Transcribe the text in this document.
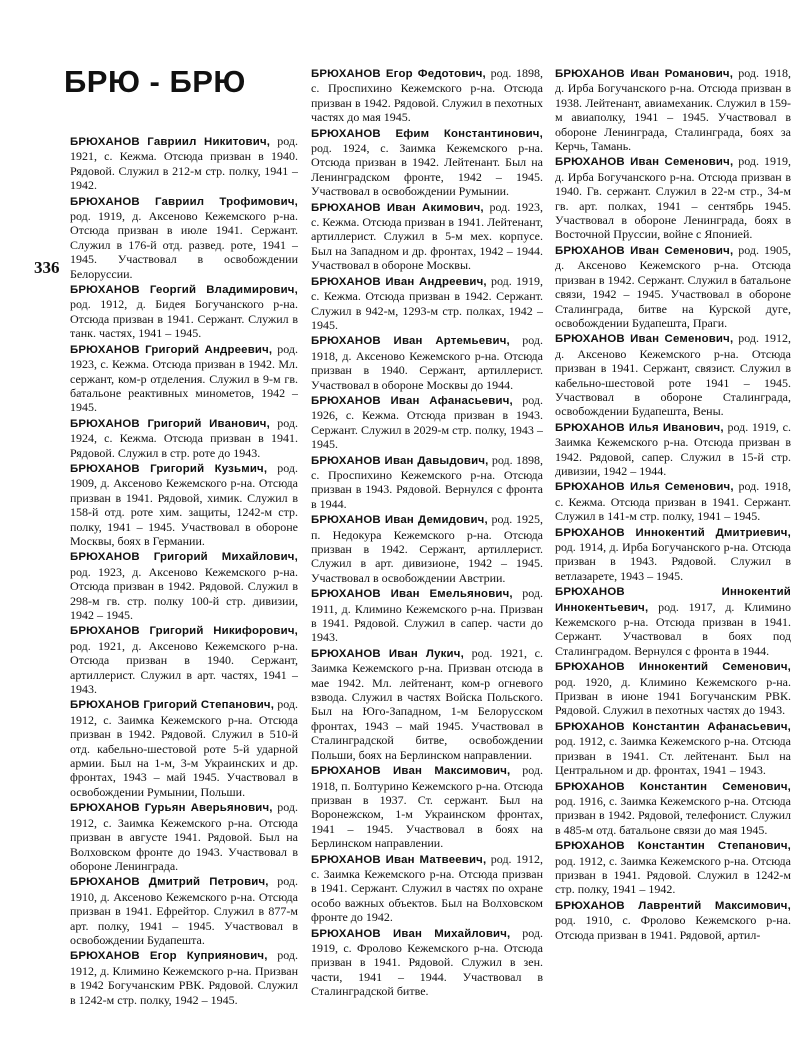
БРЮ - БРЮ
336

БРЮХАНОВ Гавриил Никитович, род. 1921, с. Кежма. Отсюда призван в 1940. Рядовой. Служил в 212-м стр. полку, 1941 – 1942.

БРЮХАНОВ Гавриил Трофимович, род. 1919, д. Аксеново Кежемского р-на. Отсюда призван в июле 1941. Сержант. Служил в 176-й отд. развед. роте, 1941 – 1945. Участвовал в освобождении Белоруссии.

БРЮХАНОВ Георгий Владимирович, род. 1912, д. Бидея Богучанского р-на. Отсюда призван в 1941. Сержант. Служил в танк. частях, 1941 – 1945.

БРЮХАНОВ Григорий Андреевич, род. 1923, с. Кежма. Отсюда призван в 1942. Мл. сержант, ком-р отделения. Служил в 9-м гв. батальоне реактивных минометов, 1942 – 1945.

БРЮХАНОВ Григорий Иванович, род. 1924, с. Кежма. Отсюда призван в 1941. Рядовой. Служил в стр. роте до 1943.

БРЮХАНОВ Григорий Кузьмич, род. 1909, д. Аксеново Кежемского р-на. Отсюда призван в 1941. Рядовой, химик. Служил в 158-й отд. роте хим. защиты, 1242-м стр. полку, 1941 – 1945. Участвовал в обороне Москвы, боях в Германии.

БРЮХАНОВ Григорий Михайлович, род. 1923, д. Аксеново Кежемского р-на. Отсюда призван в 1942. Рядовой. Служил в 298-м гв. стр. полку 100-й стр. дивизии, 1942 – 1945.

БРЮХАНОВ Григорий Никифорович, род. 1921, д. Аксеново Кежемского р-на. Отсюда призван в 1940. Сержант, артиллерист. Служил в арт. частях, 1941 – 1943.

БРЮХАНОВ Григорий Степанович, род. 1912, с. Заимка Кежемского р-на. Отсюда призван в 1942. Рядовой. Служил в 510-й отд. кабельно-шестовой роте 5-й ударной армии. Был на 1-м, 3-м Украинских и др. фронтах, 1943 – май 1945. Участвовал в освобождении Румынии, Польши.

БРЮХАНОВ Гурьян Аверьянович, род. 1912, с. Заимка Кежемского р-на. Отсюда призван в августе 1941. Рядовой. Был на Волховском фронте до 1943. Участвовал в обороне Ленинграда.

БРЮХАНОВ Дмитрий Петрович, род. 1910, д. Аксеново Кежемского р-на. Отсюда призван в 1941. Ефрейтор. Служил в 877-м арт. полку, 1941 – 1945. Участвовал в освобождении Будапешта.

БРЮХАНОВ Егор Куприянович, род. 1912, д. Климино Кежемского р-на. Призван в 1942 Богучанским РВК. Рядовой. Служил в 1242-м стр. полку, 1942 – 1945.

БРЮХАНОВ Егор Федотович, род. 1898, с. Проспихино Кежемского р-на. Отсюда призван в 1942. Рядовой. Служил в пехотных частях до мая 1945.

БРЮХАНОВ Ефим Константинович, род. 1924, с. Заимка Кежемского р-на. Отсюда призван в 1942. Лейтенант. Был на Ленинградском фронте, 1942 – 1945. Участвовал в освобождении Румынии.

БРЮХАНОВ Иван Акимович, род. 1923, с. Кежма. Отсюда призван в 1941. Лейтенант, артиллерист. Служил в 5-м мех. корпусе. Был на Западном и др. фронтах, 1942 – 1944. Участвовал в обороне Москвы.

БРЮХАНОВ Иван Андреевич, род. 1919, с. Кежма. Отсюда призван в 1942. Сержант. Служил в 942-м, 1293-м стр. полках, 1942 – 1945.

БРЮХАНОВ Иван Артемьевич, род. 1918, д. Аксеново Кежемского р-на. Отсюда призван в 1940. Сержант, артиллерист. Участвовал в обороне Москвы до 1944.

БРЮХАНОВ Иван Афанасьевич, род. 1926, с. Кежма. Отсюда призван в 1943. Сержант. Служил в 2029-м стр. полку, 1943 – 1945.

БРЮХАНОВ Иван Давыдович, род. 1898, с. Проспихино Кежемского р-на. Отсюда призван в 1943. Рядовой. Вернулся с фронта в 1944.

БРЮХАНОВ Иван Демидович, род. 1925, п. Недокура Кежемского р-на. Отсюда призван в 1942. Сержант, артиллерист. Служил в арт. дивизионе, 1942 – 1945. Участвовал в освобождении Австрии.

БРЮХАНОВ Иван Емельянович, род. 1911, д. Климино Кежемского р-на. Призван в 1941. Рядовой. Служил в сапер. части до 1943.

БРЮХАНОВ Иван Лукич, род. 1921, с. Заимка Кежемского р-на. Призван отсюда в мае 1942. Мл. лейтенант, ком-р огневого взвода. Служил в частях Войска Польского. Был на Юго-Западном, 1-м Белорусском фронтах, 1943 – май 1945. Участвовал в Сталинградской битве, освобождении Польши, боях на Берлинском направлении.

БРЮХАНОВ Иван Максимович, род. 1918, п. Болтурино Кежемского р-на. Отсюда призван в 1937. Ст. сержант. Был на Воронежском, 1-м Украинском фронтах, 1941 – 1945. Участвовал в боях на Берлинском направлении.

БРЮХАНОВ Иван Матвеевич, род. 1912, с. Заимка Кежемского р-на. Отсюда призван в 1941. Сержант. Служил в частях по охране особо важных объектов. Был на Волховском фронте до 1942.

БРЮХАНОВ Иван Михайлович, род. 1919, с. Фролово Кежемского р-на. Отсюда призван в 1941. Рядовой. Служил в зен. части, 1941 – 1944. Участвовал в Сталинградской битве.

БРЮХАНОВ Иван Романович, род. 1918, д. Ирба Богучанского р-на. Отсюда призван в 1938. Лейтенант, авиамеханик. Служил в 159-м авиаполку, 1941 – 1945. Участвовал в обороне Ленинграда, Сталинграда, боях за Керчь, Тамань.

БРЮХАНОВ Иван Семенович, род. 1919, д. Ирба Богучанского р-на. Отсюда призван в 1940. Гв. сержант. Служил в 22-м стр., 34-м гв. арт. полках, 1941 – сентябрь 1945. Участвовал в обороне Ленинграда, боях в Восточной Пруссии, войне с Японией.

БРЮХАНОВ Иван Семенович, род. 1905, д. Аксеново Кежемского р-на. Отсюда призван в 1942. Сержант. Служил в батальоне связи, 1942 – 1945. Участвовал в обороне Сталинграда, битве на Курской дуге, освобождении Будапешта, Праги.

БРЮХАНОВ Иван Семенович, род. 1912, д. Аксеново Кежемского р-на. Отсюда призван в 1941. Сержант, связист. Служил в кабельно-шестовой роте 1941 – 1945. Участвовал в обороне Сталинграда, освобождении Будапешта, Вены.

БРЮХАНОВ Илья Иванович, род. 1919, с. Заимка Кежемского р-на. Отсюда призван в 1942. Рядовой, сапер. Служил в 15-й стр. дивизии, 1942 – 1944.

БРЮХАНОВ Илья Семенович, род. 1918, с. Кежма. Отсюда призван в 1941. Сержант. Служил в 141-м стр. полку, 1941 – 1945.

БРЮХАНОВ Иннокентий Дмитриевич, род. 1914, д. Ирба Богучанского р-на. Отсюда призван в 1943. Рядовой. Служил в ветлазарете, 1943 – 1945.

БРЮХАНОВ Иннокентий Иннокентьевич, род. 1917, д. Климино Кежемского р-на. Отсюда призван в 1941. Сержант. Участвовал в боях под Сталинградом. Вернулся с фронта в 1944.

БРЮХАНОВ Иннокентий Семенович, род. 1920, д. Климино Кежемского р-на. Призван в июне 1941 Богучанским РВК. Рядовой. Служил в пехотных частях до 1943.

БРЮХАНОВ Константин Афанасьевич, род. 1912, с. Заимка Кежемского р-на. Отсюда призван в 1941. Ст. лейтенант. Был на Центральном и др. фронтах, 1941 – 1943.

БРЮХАНОВ Константин Семенович, род. 1916, с. Заимка Кежемского р-на. Отсюда призван в 1942. Рядовой, телефонист. Служил в 485-м отд. батальоне связи до мая 1945.

БРЮХАНОВ Константин Степанович, род. 1912, с. Заимка Кежемского р-на. Отсюда призван в 1941. Рядовой. Служил в 1242-м стр. полку, 1941 – 1942.

БРЮХАНОВ Лаврентий Максимович, род. 1910, с. Фролово Кежемского р-на. Отсюда призван в 1941. Рядовой, артил-
